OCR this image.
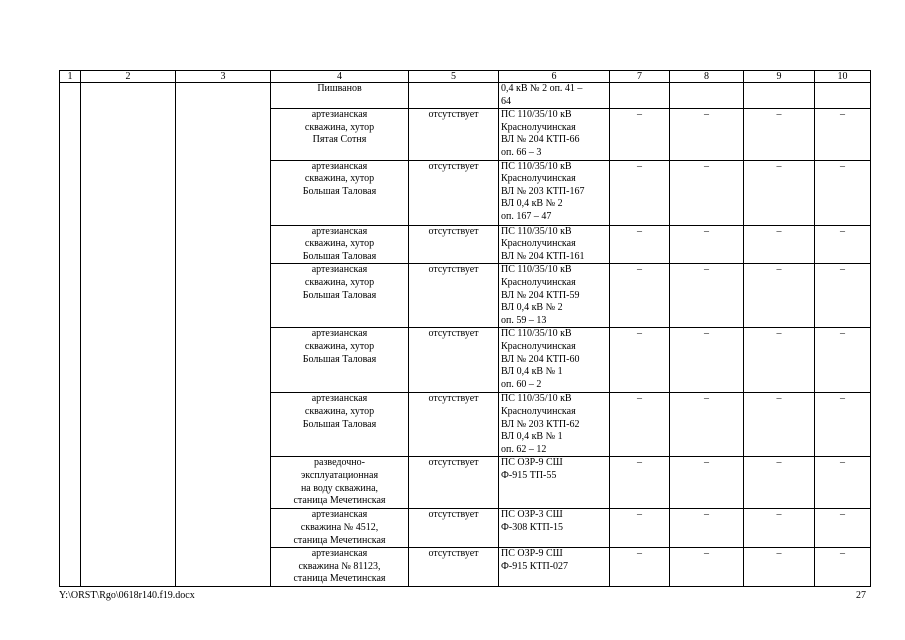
1	2	3	4	5	6	7	8	9	10
			Пишванов		0,4 кВ № 2 оп. 41 –
64				
			артезианская
скважина, хутор
Пятая Сотня	отсутствует	ПС 110/35/10 кВ
Краснолучинская
ВЛ № 204 КТП-66
оп. 66 – 3	–	–	–	–
			артезианская
скважина, хутор
Большая Таловая	отсутствует	ПС 110/35/10 кВ
Краснолучинская
ВЛ № 203 КТП-167
ВЛ 0,4 кВ № 2
оп. 167 – 47	–	–	–	–
			артезианская
скважина, хутор
Большая Таловая	отсутствует	ПС 110/35/10 кВ
Краснолучинская
ВЛ № 204 КТП-161	–	–	–	–
			артезианская
скважина, хутор
Большая Таловая	отсутствует	ПС 110/35/10 кВ
Краснолучинская
ВЛ № 204 КТП-59
ВЛ 0,4 кВ № 2
оп. 59 – 13	–	–	–	–
			артезианская
скважина, хутор
Большая Таловая	отсутствует	ПС 110/35/10 кВ
Краснолучинская
ВЛ № 204 КТП-60
ВЛ 0,4 кВ № 1
оп. 60 – 2	–	–	–	–
			артезианская
скважина, хутор
Большая Таловая	отсутствует	ПС 110/35/10 кВ
Краснолучинская
ВЛ № 203 КТП-62
ВЛ 0,4 кВ № 1
оп. 62 – 12	–	–	–	–
			разведочно-
эксплуатационная
на воду скважина,
станица Мечетинская	отсутствует	ПС ОЗР-9 СШ
Ф-915 ТП-55	–	–	–	–
			артезианская
скважина № 4512,
станица Мечетинская	отсутствует	ПС ОЗР-3 СШ
Ф-308 КТП-15	–	–	–	–
			артезианская
скважина № 81123,
станица Мечетинская	отсутствует	ПС ОЗР-9 СШ
Ф-915 КТП-027	–	–	–	–
Y:\ORST\Rgo\0618r140.f19.docx	27
